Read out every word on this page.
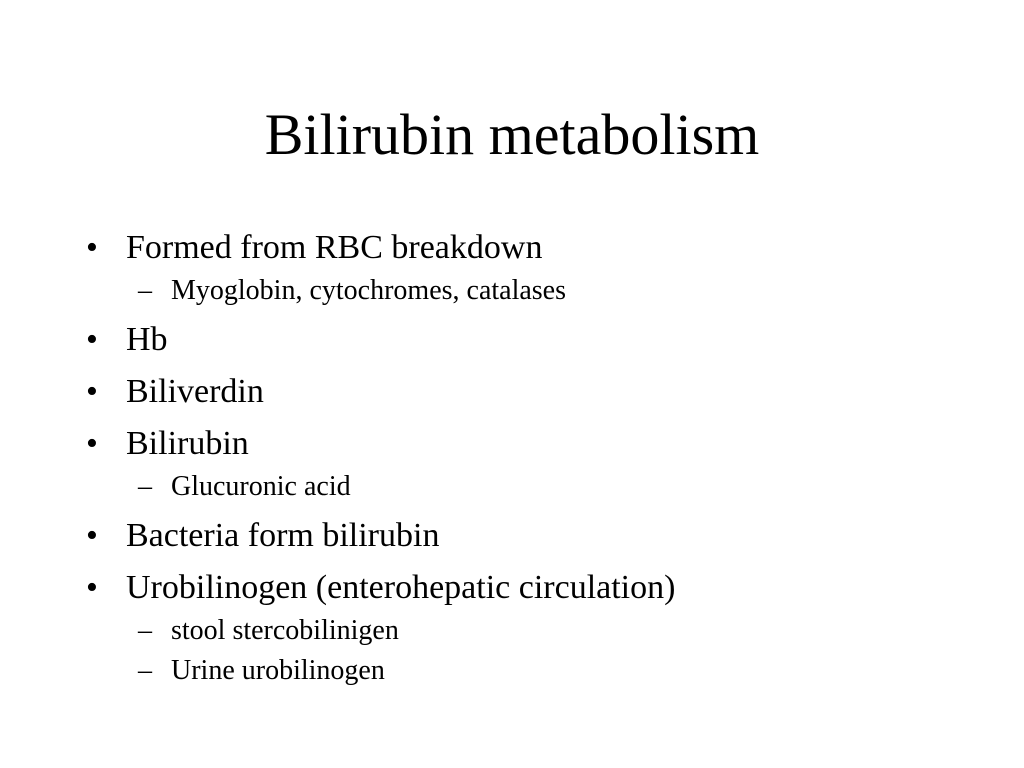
Bilirubin metabolism
• Formed from RBC breakdown
– Myoglobin, cytochromes, catalases
• Hb
• Biliverdin
• Bilirubin
– Glucuronic acid
• Bacteria form bilirubin
• Urobilinogen (enterohepatic circulation)
– stool stercobilinigen
– Urine urobilinogen
